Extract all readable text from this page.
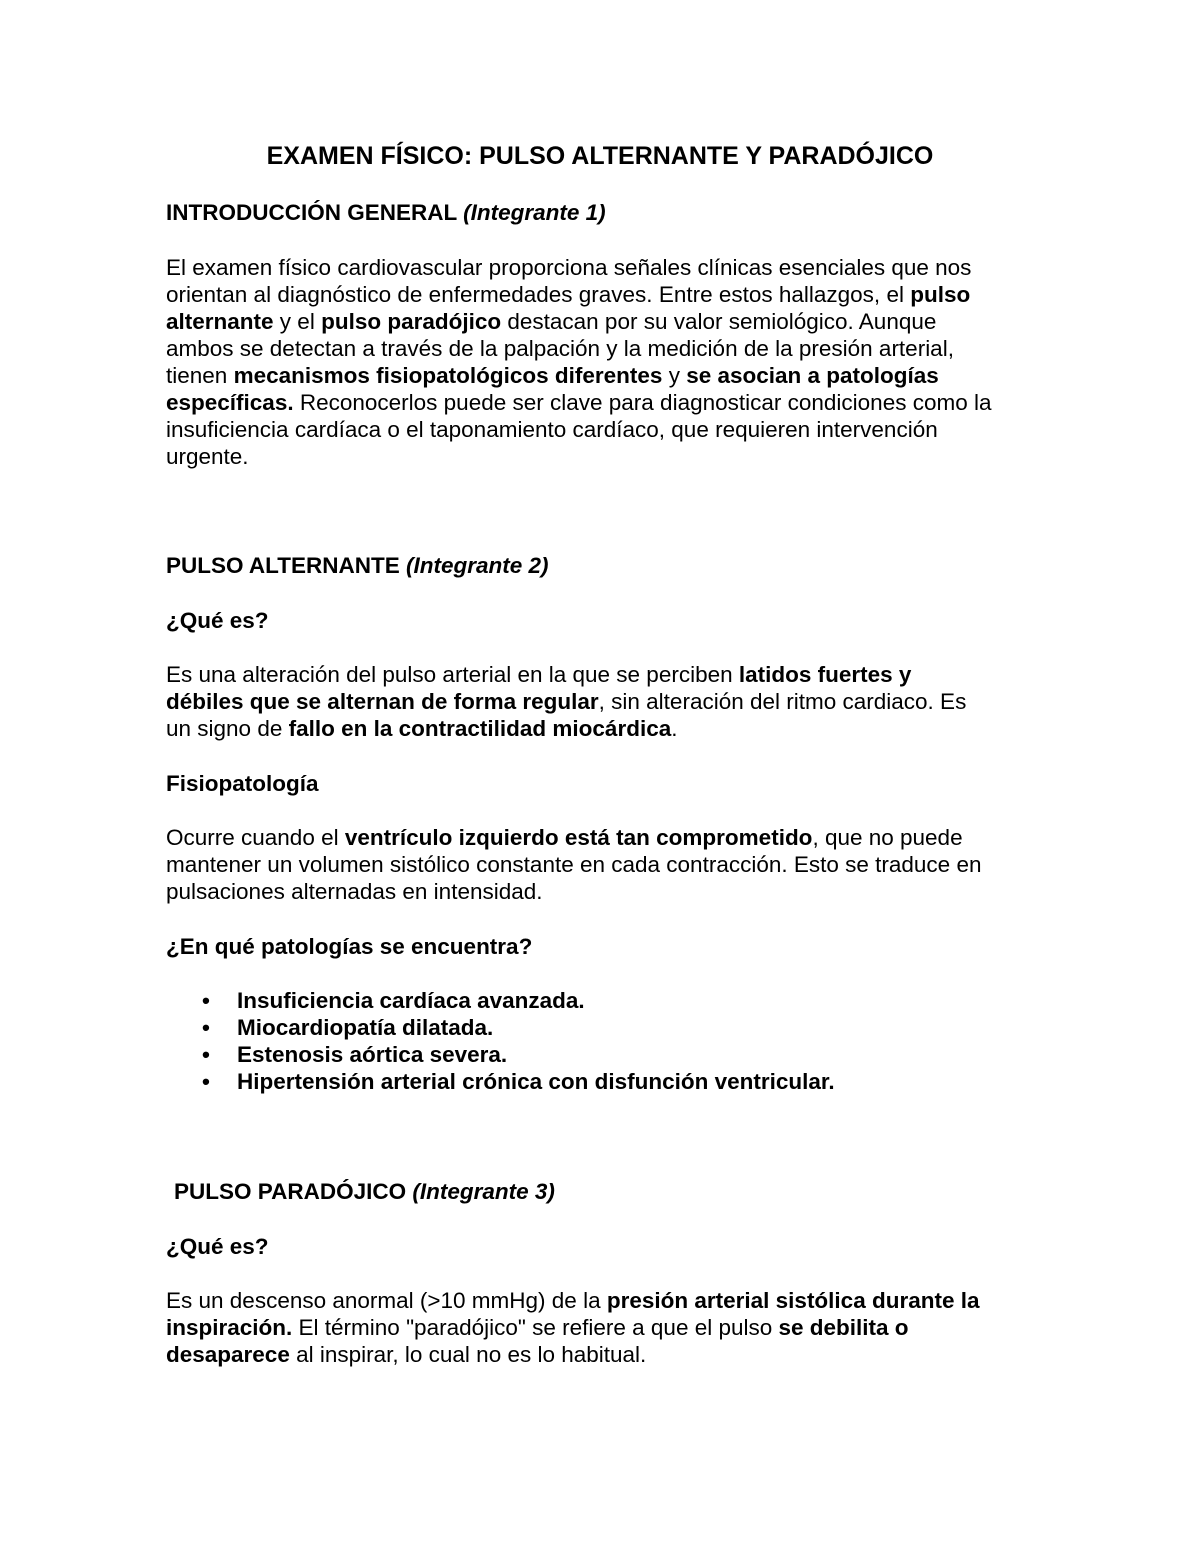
EXAMEN FÍSICO: PULSO ALTERNANTE Y PARADÓJICO
INTRODUCCIÓN GENERAL (Integrante 1)
El examen físico cardiovascular proporciona señales clínicas esenciales que nos
orientan al diagnóstico de enfermedades graves. Entre estos hallazgos, el pulso
alternante y el pulso paradójico destacan por su valor semiológico. Aunque
ambos se detectan a través de la palpación y la medición de la presión arterial,
tienen mecanismos fisiopatológicos diferentes y se asocian a patologías
específicas. Reconocerlos puede ser clave para diagnosticar condiciones como la
insuficiencia cardíaca o el taponamiento cardíaco, que requieren intervención
urgente.
PULSO ALTERNANTE (Integrante 2)
¿Qué es?
Es una alteración del pulso arterial en la que se perciben latidos fuertes y
débiles que se alternan de forma regular, sin alteración del ritmo cardiaco. Es
un signo de fallo en la contractilidad miocárdica.
Fisiopatología
Ocurre cuando el ventrículo izquierdo está tan comprometido, que no puede
mantener un volumen sistólico constante en cada contracción. Esto se traduce en
pulsaciones alternadas en intensidad.
¿En qué patologías se encuentra?
• Insuficiencia cardíaca avanzada.
• Miocardiopatía dilatada.
• Estenosis aórtica severa.
• Hipertensión arterial crónica con disfunción ventricular.
PULSO PARADÓJICO (Integrante 3)
¿Qué es?
Es un descenso anormal (>10 mmHg) de la presión arterial sistólica durante la
inspiración. El término "paradójico" se refiere a que el pulso se debilita o
desaparece al inspirar, lo cual no es lo habitual.
